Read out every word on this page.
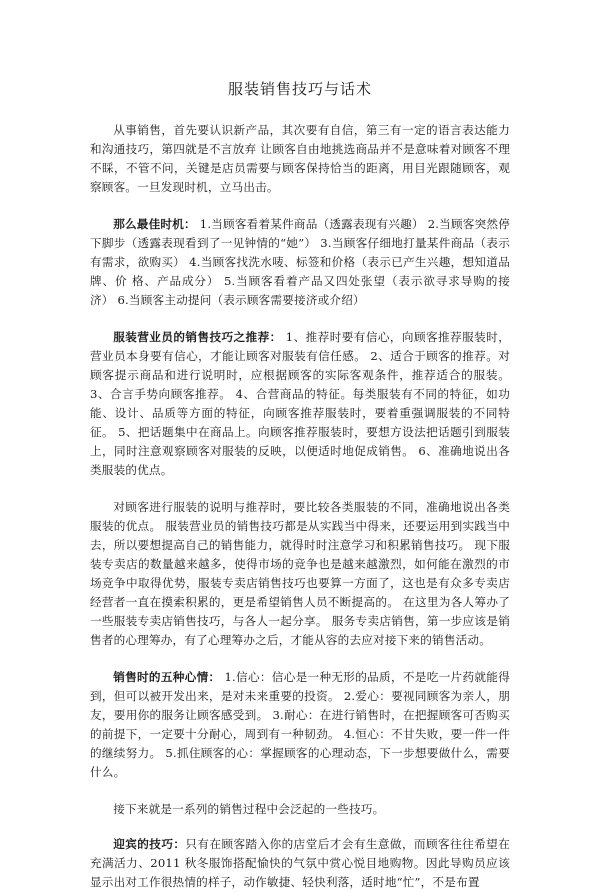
服装销售技巧与话术

从事销售，首先要认识新产品，其次要有自信，第三有一定的语言表达能力和沟通技巧，第四就是不言放弃 让顾客自由地挑选商品并不是意味着对顾客不理不睬，不管不问，关键是店员需要与顾客保持恰当的距离，用目光跟随顾客，观察顾客。一旦发现时机，立马出击。

那么最佳时机： 1.当顾客看着某件商品（透露表现有兴趣） 2.当顾客突然停下脚步（透露表现看到了一见钟情的“她”） 3.当顾客仔细地打量某件商品（表示有需求，欲购买） 4.当顾客找洗水唛、标签和价格（表示已产生兴趣，想知道品牌、价 格、产品成分） 5.当顾客看着产品又四处张望（表示欲寻求导购的接济） 6.当顾客主动提问（表示顾客需要接济或介绍）

服装营业员的销售技巧之推荐： 1、推荐时要有信心，向顾客推荐服装时，营业员本身要有信心，才能让顾客对服装有信任感。 2、适合于顾客的推荐。对顾客提示商品和进行说明时，应根据顾客的实际客观条件，推荐适合的服装。 3、合言手势向顾客推荐。 4、合营商品的特征。每类服装有不同的特征，如功能、设计、品质等方面的特征，向顾客推荐服装时，要着重强调服装的不同特征。 5、把话题集中在商品上。向顾客推荐服装时，要想方设法把话题引到服装上，同时注意观察顾客对服装的反映，以便适时地促成销售。 6、准确地说出各类服装的优点。

对顾客进行服装的说明与推荐时，要比较各类服装的不同，准确地说出各类服装的优点。 服装营业员的销售技巧都是从实践当中得来，还要运用到实践当中去，所以要想提高自己的销售能力，就得时时注意学习和积累销售技巧。 现下服装专卖店的数量越来越多，使得市场的竞争也是越来越激烈，如何能在激烈的市场竞争中取得优势，服装专卖店销售技巧也要算一方面了，这也是有众多专卖店经营者一直在摸索积累的，更是希望销售人员不断提高的。 在这里为各人筹办了一些服装专卖店销售技巧，与各人一起分享。 服务专卖店销售，第一步应该是销售者的心理筹办，有了心理筹办之后，才能从容的去应对接下来的销售活动。

销售时的五种心情： 1.信心：信心是一种无形的品质，不是吃一片药就能得到，但可以被开发出来，是对未来重要的投资。 2.爱心：要视同顾客为亲人，朋友，要用你的服务让顾客感受到。 3.耐心：在进行销售时，在把握顾客可否购买的前提下，一定要十分耐心，周到有一种韧劲。 4.恒心：不甘失败，要一件一件的继续努力。 5.抓住顾客的心：掌握顾客的心理动态，下一步想要做什么，需要什么。

接下来就是一系列的销售过程中会泛起的一些技巧。

迎宾的技巧：只有在顾客踏入你的店堂后才会有生意做，而顾客往往希望在充满活力、2011 秋冬服饰搭配愉快的气氛中赏心悦目地购物。因此导购员应该显示出对工作很热情的样子，动作敏捷、轻快利落，适时地“忙”，不是布置
